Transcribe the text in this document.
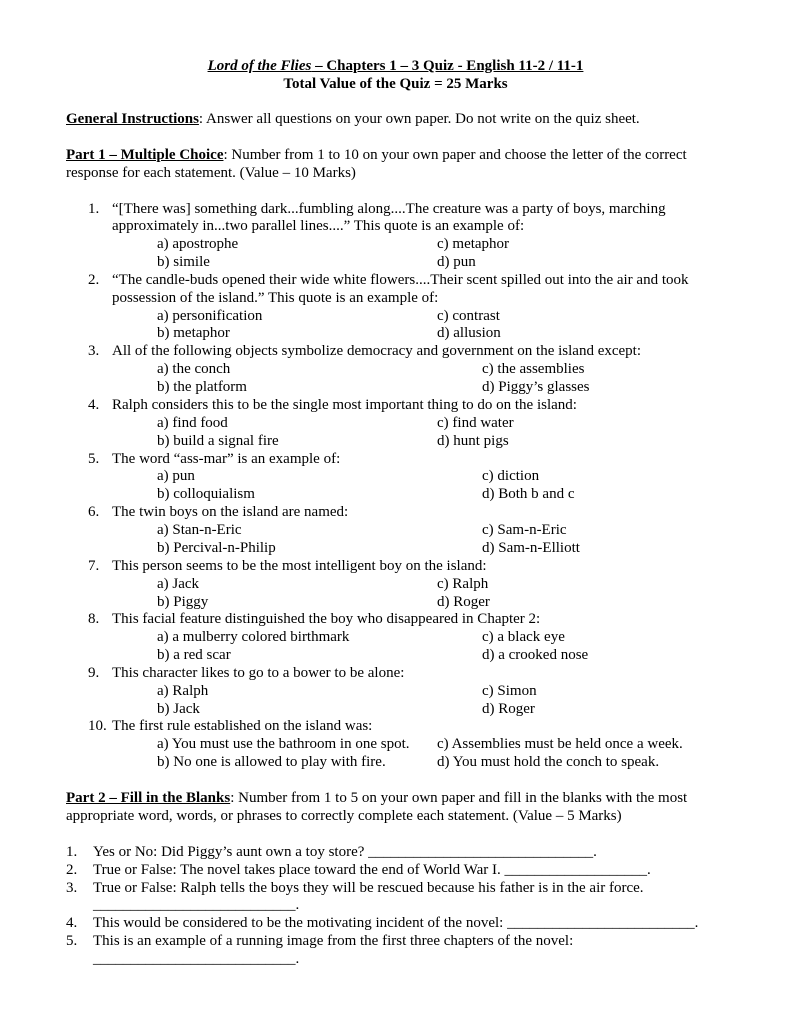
Lord of the Flies – Chapters 1 – 3 Quiz - English 11-2 / 11-1
Total Value of the Quiz = 25 Marks
General Instructions: Answer all questions on your own paper. Do not write on the quiz sheet.
Part 1 – Multiple Choice: Number from 1 to 10 on your own paper and choose the letter of the correct
response for each statement. (Value – 10 Marks)
1. “[There was] something dark...fumbling along....The creature was a party of boys, marching
approximately in...two parallel lines....” This quote is an example of:
a) apostrophe	c) metaphor
b) simile	d) pun
2. “The candle-buds opened their wide white flowers....Their scent spilled out into the air and took
possession of the island.” This quote is an example of:
a) personification	c) contrast
b) metaphor	d) allusion
3. All of the following objects symbolize democracy and government on the island except:
a) the conch	c) the assemblies
b) the platform	d) Piggy’s glasses
4. Ralph considers this to be the single most important thing to do on the island:
a) find food	c) find water
b) build a signal fire	d) hunt pigs
5. The word “ass-mar” is an example of:
a) pun	c) diction
b) colloquialism	d) Both b and c
6. The twin boys on the island are named:
a) Stan-n-Eric	c) Sam-n-Eric
b) Percival-n-Philip	d) Sam-n-Elliott
7. This person seems to be the most intelligent boy on the island:
a) Jack	c) Ralph
b) Piggy	d) Roger
8. This facial feature distinguished the boy who disappeared in Chapter 2:
a) a mulberry colored birthmark	c) a black eye
b) a red scar	d) a crooked nose
9. This character likes to go to a bower to be alone:
a) Ralph	c) Simon
b) Jack	d) Roger
10. The first rule established on the island was:
a) You must use the bathroom in one spot. c) Assemblies must be held once a week.
b) No one is allowed to play with fire.	d) You must hold the conch to speak.
Part 2 – Fill in the Blanks: Number from 1 to 5 on your own paper and fill in the blanks with the most
appropriate word, words, or phrases to correctly complete each statement. (Value – 5 Marks)
1. Yes or No: Did Piggy’s aunt own a toy store? ______________________________.
2. True or False: The novel takes place toward the end of World War I. ___________________.
3. True or False: Ralph tells the boys they will be rescued because his father is in the air force.
___________________________.
4. This would be considered to be the motivating incident of the novel: _________________________.
5. This is an example of a running image from the first three chapters of the novel:
___________________________.
